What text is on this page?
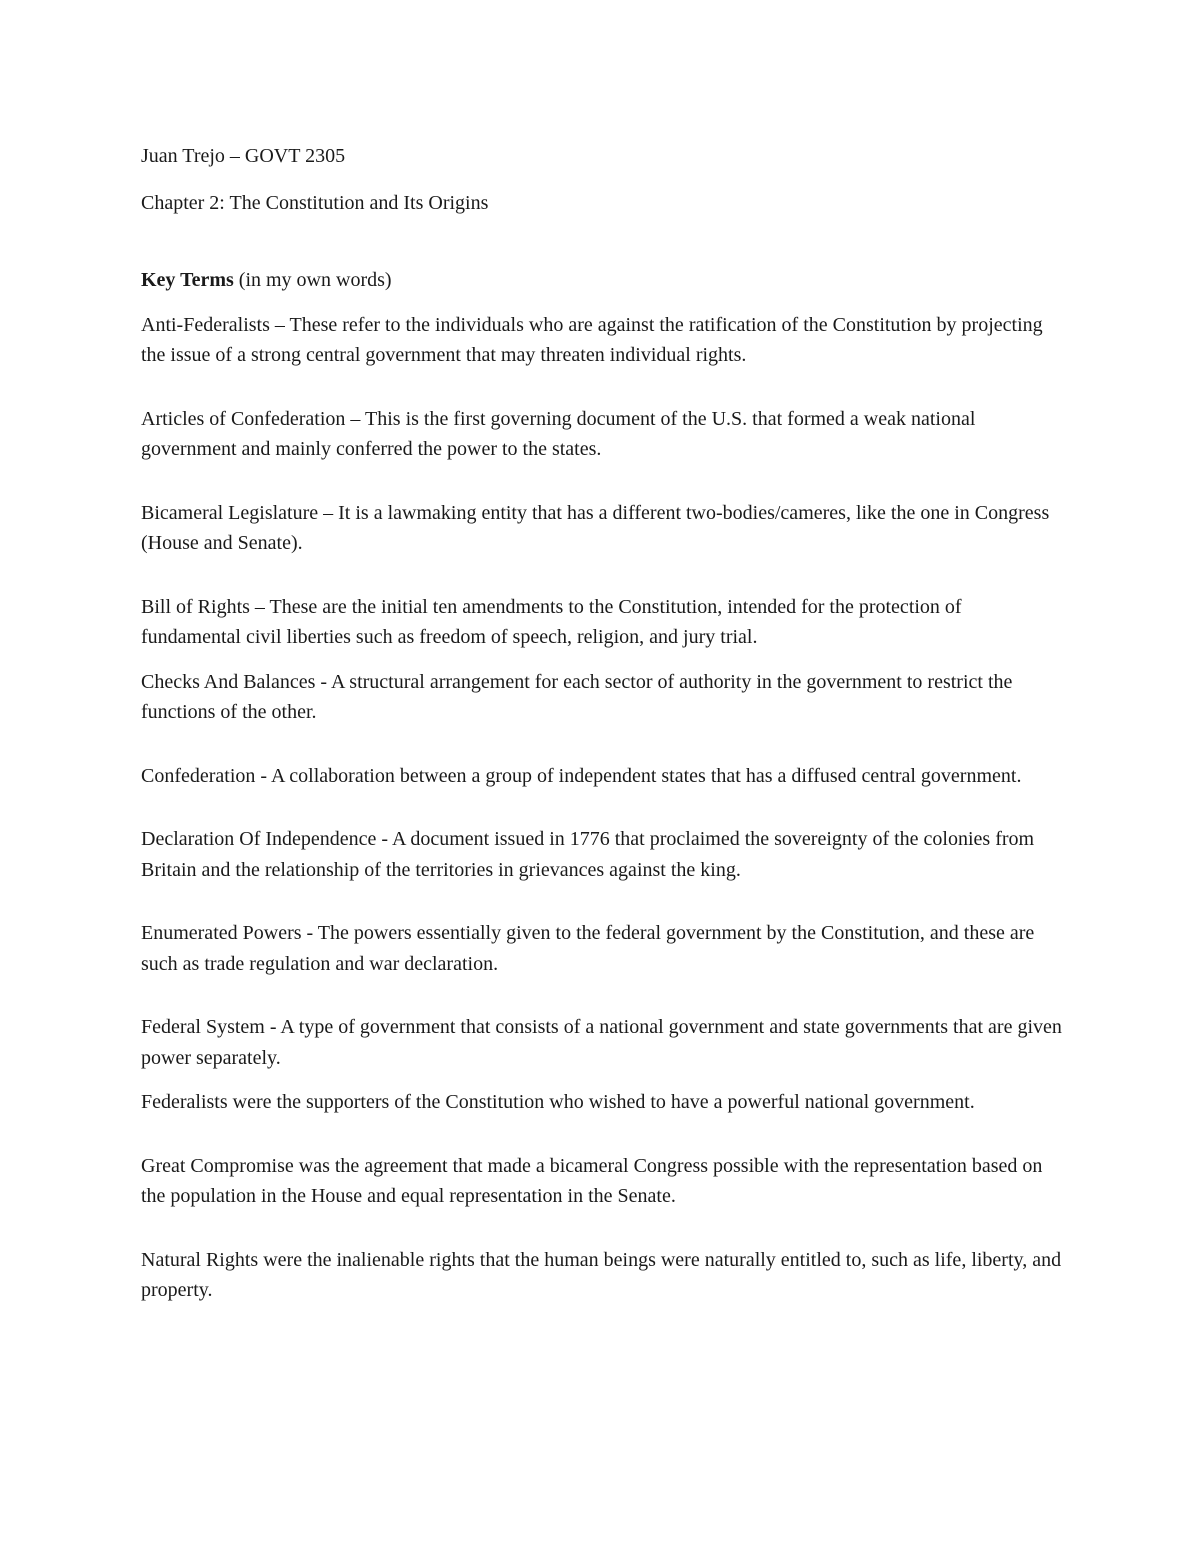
Juan Trejo – GOVT 2305

Chapter 2: The Constitution and Its Origins

Key Terms (in my own words)

Anti-Federalists – These refer to the individuals who are against the ratification of the Constitution by projecting the issue of a strong central government that may threaten individual rights.

Articles of Confederation – This is the first governing document of the U.S. that formed a weak national government and mainly conferred the power to the states.

Bicameral Legislature – It is a lawmaking entity that has a different two-bodies/cameres, like the one in Congress (House and Senate).

Bill of Rights – These are the initial ten amendments to the Constitution, intended for the protection of fundamental civil liberties such as freedom of speech, religion, and jury trial.

Checks And Balances - A structural arrangement for each sector of authority in the government to restrict the functions of the other.

Confederation - A collaboration between a group of independent states that has a diffused central government.

Declaration Of Independence - A document issued in 1776 that proclaimed the sovereignty of the colonies from Britain and the relationship of the territories in grievances against the king.

Enumerated Powers - The powers essentially given to the federal government by the Constitution, and these are such as trade regulation and war declaration.

Federal System - A type of government that consists of a national government and state governments that are given power separately.

Federalists were the supporters of the Constitution who wished to have a powerful national government.

Great Compromise was the agreement that made a bicameral Congress possible with the representation based on the population in the House and equal representation in the Senate.

Natural Rights were the inalienable rights that the human beings were naturally entitled to, such as life, liberty, and property.
